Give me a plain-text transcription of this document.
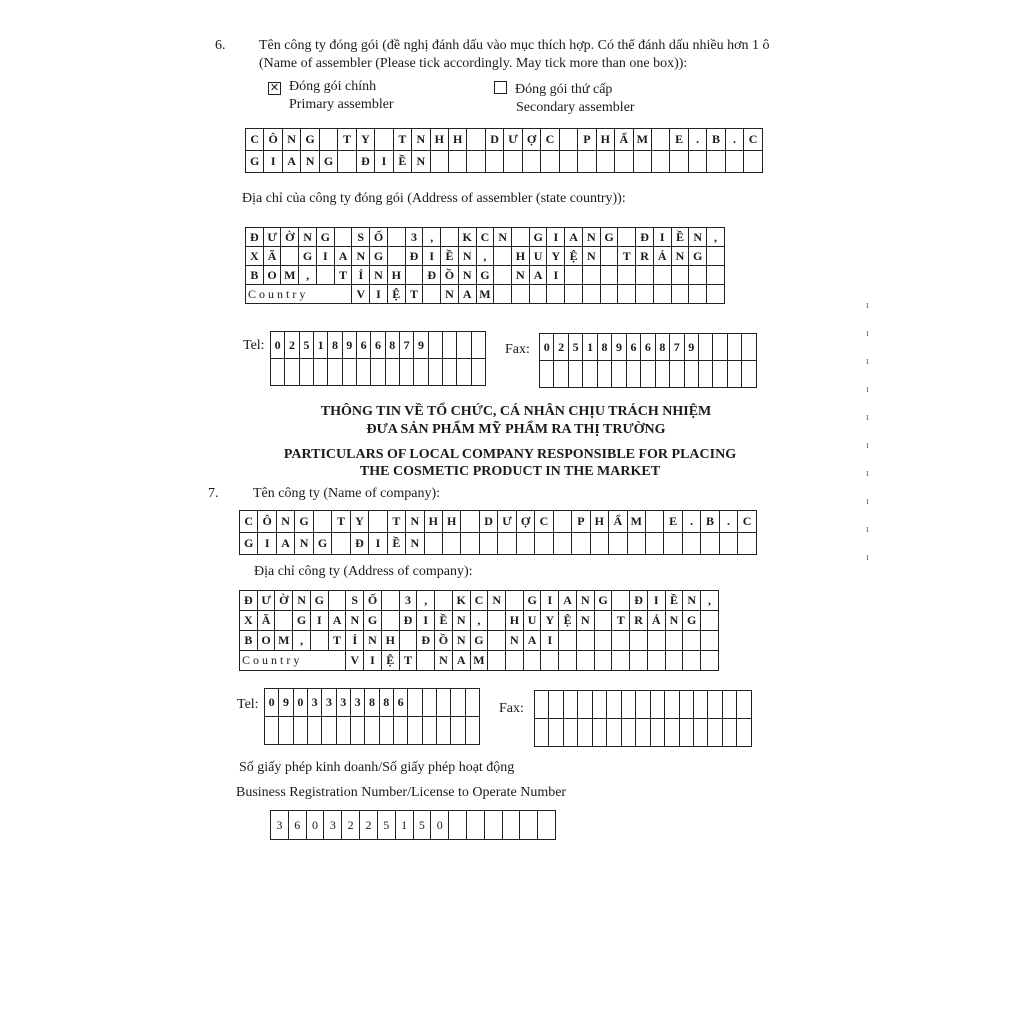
6. Tên công ty đóng gói (đề nghị đánh dấu vào mục thích hợp. Có thể đánh dấu nhiều hơn 1 ô
(Name of assembler (Please tick accordingly. May tick more than one box)):
✕ Đóng gói chính
Primary assembler
Đóng gói thứ cấp
Secondary assembler
C	Ô	N	G		T	Y		T	N	H	H		D	Ư	Ợ	C		P	H	Ẩ	M		E	.	B	.	C
G	I	A	N	G		Đ	I	Ề	N																		
Địa chỉ của công ty đóng gói (Address of assembler (state country)):
Đ	Ư	Ờ	N	G		S	Ố		3	,		K	C	N		G	I	A	N	G		Đ	I	Ề	N	,
X	Ã		G	I	A	N	G		Đ	I	Ề	N	,		H	U	Y	Ệ	N		T	R	Ả	N	G	
B	O	M	,		T	Ỉ	N	H		Đ	Ồ	N	G		N	A	I									
C o u n t r y						V	I	Ệ	T		N	A	M													
Tel: 0	2	5	1	8	9	6	6	8	7	9				
															Fax: 0	2	5	1	8	9	6	6	8	7	9				

THÔNG TIN VỀ TỔ CHỨC, CÁ NHÂN CHỊU TRÁCH NHIỆM
ĐƯA SẢN PHẨM MỸ PHẨM RA THỊ TRƯỜNG
PARTICULARS OF LOCAL COMPANY RESPONSIBLE FOR PLACING
THE COSMETIC PRODUCT IN THE MARKET
7. Tên công ty (Name of company):
C	Ô	N	G		T	Y		T	N	H	H		D	Ư	Ợ	C		P	H	Ẩ	M		E	.	B	.	C
G	I	A	N	G		Đ	I	Ề	N																		
Địa chỉ công ty (Address of company):
Đ	Ư	Ờ	N	G		S	Ố		3	,		K	C	N		G	I	A	N	G		Đ	I	Ề	N	,
X	Ã		G	I	A	N	G		Đ	I	Ề	N	,		H	U	Y	Ệ	N		T	R	Ả	N	G	
B	O	M	,		T	Ỉ	N	H		Đ	Ồ	N	G		N	A	I									
C o u n t r y						V	I	Ệ	T		N	A	M													
Tel: 0	9	0	3	3	3	3	8	8	6					
															Fax:

Số giấy phép kinh doanh/Số giấy phép hoạt động
Business Registration Number/License to Operate Number
3	6	0	3	2	2	5	1	5	0						
ı
ı
ı
ı
ı
ı
ı
ı
ı
ı
